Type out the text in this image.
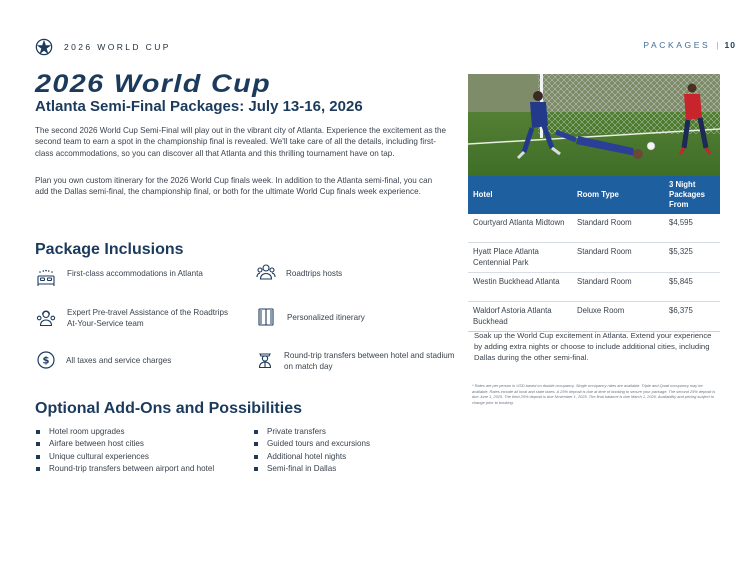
2026 WORLD CUP	PACKAGES | 10
2026 World Cup
Atlanta Semi-Final Packages: July 13-16, 2026
The second 2026 World Cup Semi-Final will play out in the vibrant city of Atlanta. Experience the excitement as the second team to earn a spot in the championship final is revealed. We'll take care of all the details, including first-class accommodations, so you can discover all that Atlanta and this thrilling tournament have on tap.
Plan you own custom itinerary for the 2026 World Cup finals week. In addition to the Atlanta semi-final, you can add the Dallas semi-final, the championship final, or both for the ultimate World Cup finals week experience.
Package Inclusions
First-class accommodations in Atlanta	Roadtrips hosts
Expert Pre-travel Assistance of the Roadtrips At-Your-Service team
Personalized itinerary
$ All taxes and service charges
Round-trip transfers between hotel and stadium on match day
Optional Add-Ons and Possibilities
Hotel room upgrades
Airfare between host cities
Unique cultural experiences
Round-trip transfers between airport and hotel
Private transfers
Guided tours and excursions
Additional hotel nights
Semi-final in Dallas
Hotel	Room Type	3 Night Packages From
Courtyard Atlanta Midtown	Standard Room	$4,595
Hyatt Place Atlanta Centennial Park	Standard Room	$5,325
Westin Buckhead Atlanta	Standard Room	$5,845
Waldorf Astoria Atlanta Buckhead	Deluxe Room	$6,375
Soak up the World Cup excitement in Atlanta. Extend your experience by adding extra nights or choose to include additional cities, including Dallas during the other semi-final.
* Rates are per person in USD based on double occupancy. Single occupancy rates are available. Triple and Quad occupancy may be available. Rates include all local and state taxes. A 25% deposit is due at time of booking to secure your package. The second 25% deposit is due June 1, 2025. The third 25% deposit is due November 1, 2025. The final balance is due March 1, 2026. Availability and pricing subject to change prior to booking.
